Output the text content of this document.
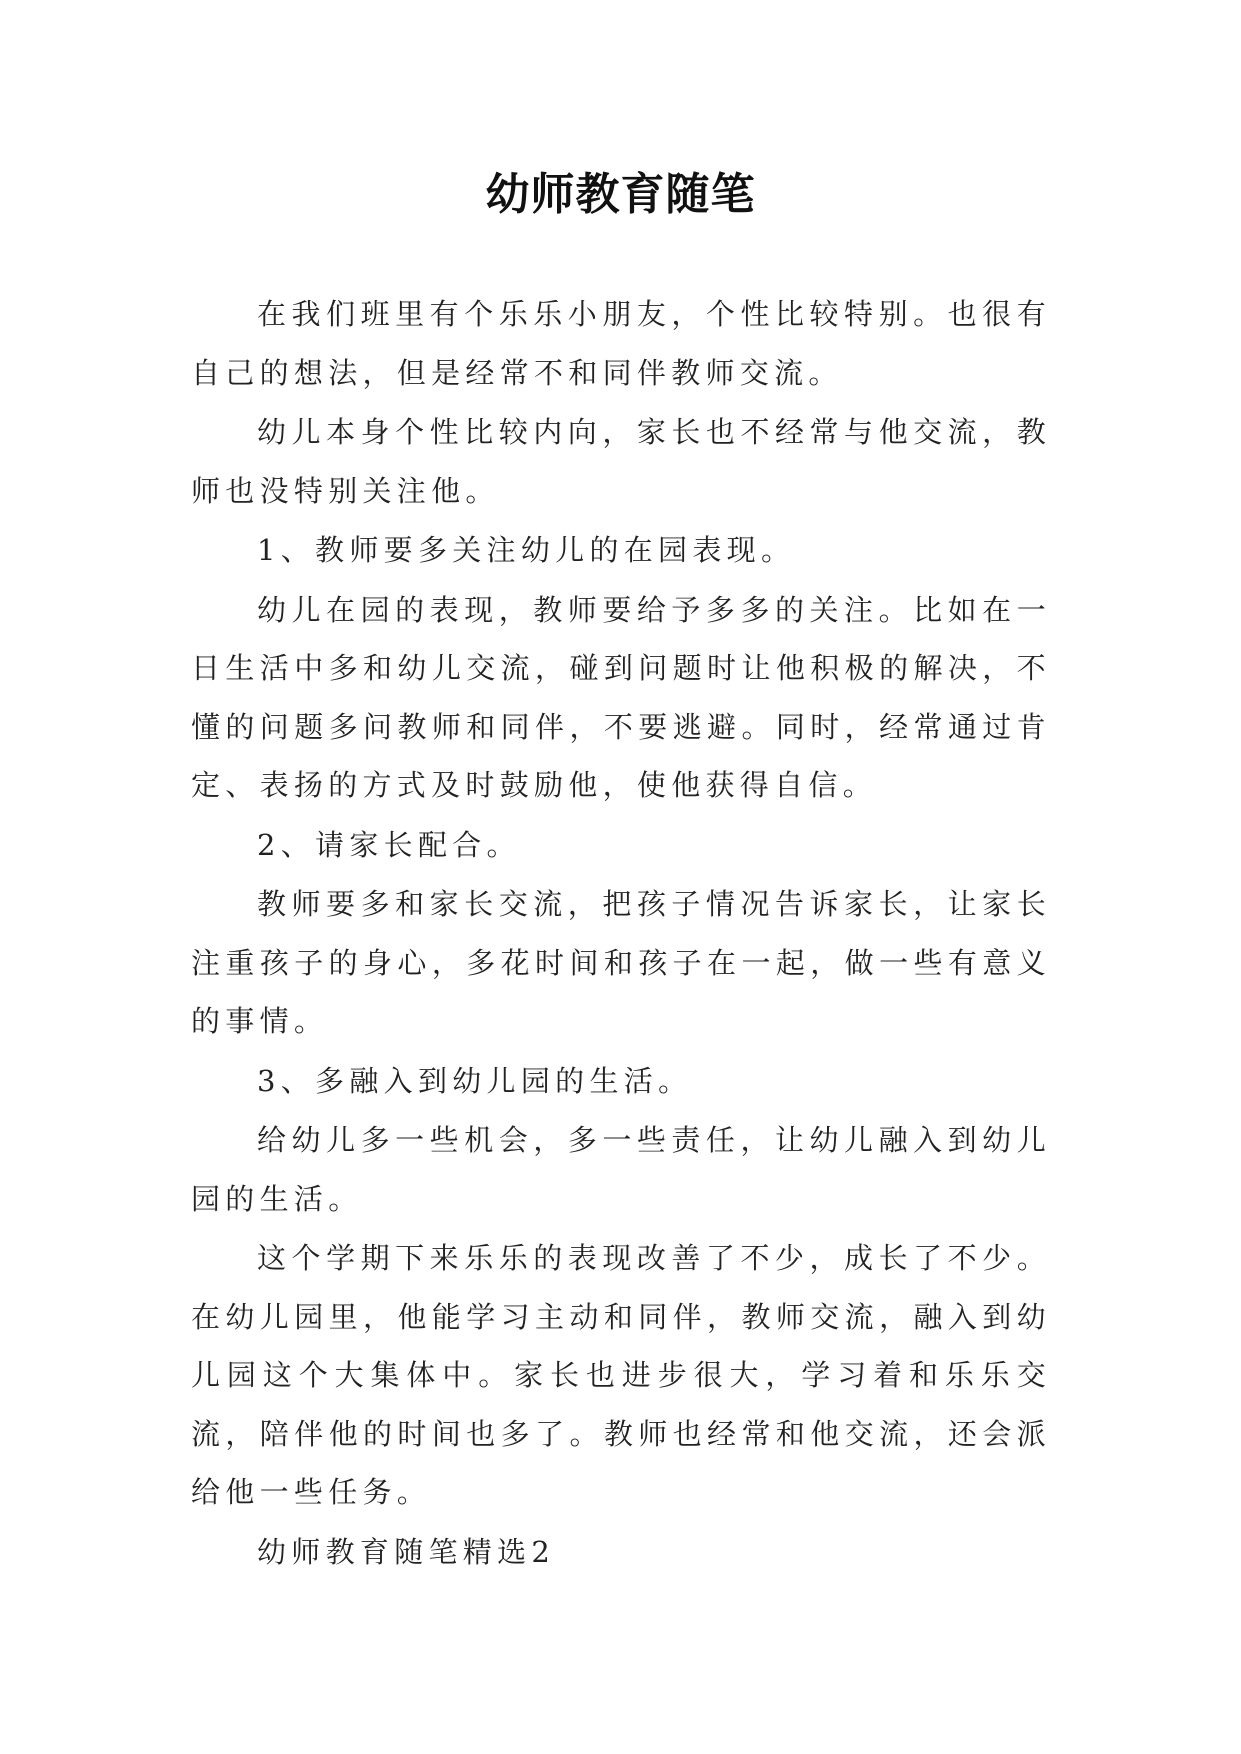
幼师教育随笔

在我们班里有个乐乐小朋友，个性比较特别。也很有自己的想法，但是经常不和同伴教师交流。

幼儿本身个性比较内向，家长也不经常与他交流，教师也没特别关注他。

1、教师要多关注幼儿的在园表现。

幼儿在园的表现，教师要给予多多的关注。比如在一日生活中多和幼儿交流，碰到问题时让他积极的解决，不懂的问题多问教师和同伴，不要逃避。同时，经常通过肯定、表扬的方式及时鼓励他，使他获得自信。

2、请家长配合。

教师要多和家长交流，把孩子情况告诉家长，让家长注重孩子的身心，多花时间和孩子在一起，做一些有意义的事情。

3、多融入到幼儿园的生活。

给幼儿多一些机会，多一些责任，让幼儿融入到幼儿园的生活。

这个学期下来乐乐的表现改善了不少，成长了不少。在幼儿园里，他能学习主动和同伴，教师交流，融入到幼儿园这个大集体中。家长也进步很大，学习着和乐乐交流，陪伴他的时间也多了。教师也经常和他交流，还会派给他一些任务。

幼师教育随笔精选2
